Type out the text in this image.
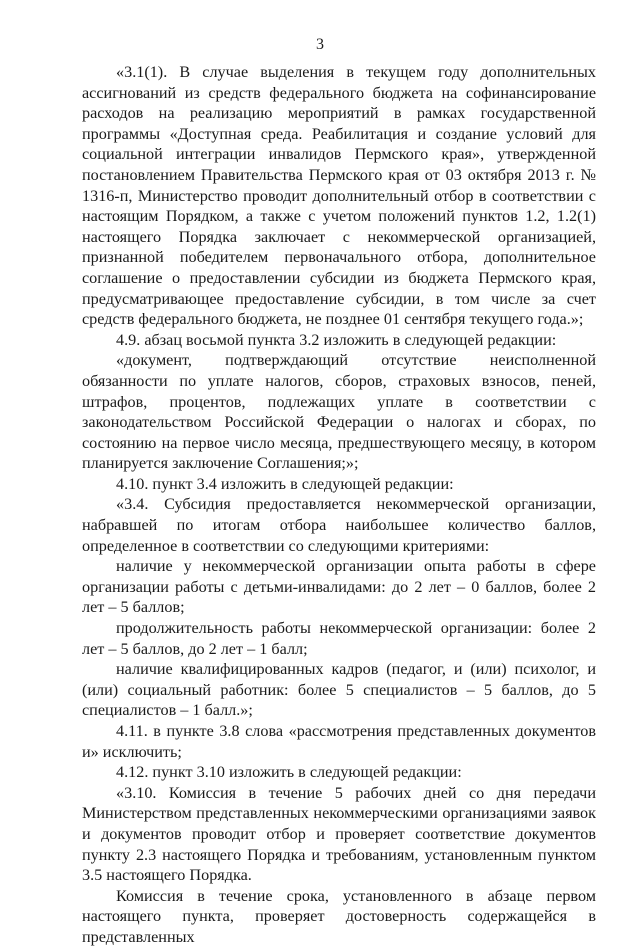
3

«3.1(1). В случае выделения в текущем году дополнительных ассигнований из средств федерального бюджета на софинансирование расходов на реализацию мероприятий в рамках государственной программы «Доступная среда. Реабилитация и создание условий для социальной интеграции инвалидов Пермского края», утвержденной постановлением Правительства Пермского края от 03 октября 2013 г. № 1316-п, Министерство проводит дополнительный отбор в соответствии с настоящим Порядком, а также с учетом положений пунктов 1.2, 1.2(1) настоящего Порядка заключает с некоммерческой организацией, признанной победителем первоначального отбора, дополнительное соглашение о предоставлении субсидии из бюджета Пермского края, предусматривающее предоставление субсидии, в том числе за счет средств федерального бюджета, не позднее 01 сентября текущего года.»;

4.9. абзац восьмой пункта 3.2 изложить в следующей редакции:

«документ, подтверждающий отсутствие неисполненной обязанности по уплате налогов, сборов, страховых взносов, пеней, штрафов, процентов, подлежащих уплате в соответствии с законодательством Российской Федерации о налогах и сборах, по состоянию на первое число месяца, предшествующего месяцу, в котором планируется заключение Соглашения;»;

4.10. пункт 3.4 изложить в следующей редакции:

«3.4. Субсидия предоставляется некоммерческой организации, набравшей по итогам отбора наибольшее количество баллов, определенное в соответствии со следующими критериями:

наличие у некоммерческой организации опыта работы в сфере организации работы с детьми-инвалидами: до 2 лет – 0 баллов, более 2 лет – 5 баллов;

продолжительность работы некоммерческой организации: более 2 лет – 5 баллов, до 2 лет – 1 балл;

наличие квалифицированных кадров (педагог, и (или) психолог, и (или) социальный работник: более 5 специалистов – 5 баллов, до 5 специалистов – 1 балл.»;

4.11. в пункте 3.8 слова «рассмотрения представленных документов и» исключить;

4.12. пункт 3.10 изложить в следующей редакции:

«3.10. Комиссия в течение 5 рабочих дней со дня передачи Министерством представленных некоммерческими организациями заявок и документов проводит отбор и проверяет соответствие документов пункту 2.3 настоящего Порядка и требованиям, установленным пунктом 3.5 настоящего Порядка.

Комиссия в течение срока, установленного в абзаце первом настоящего пункта, проверяет достоверность содержащейся в представленных
